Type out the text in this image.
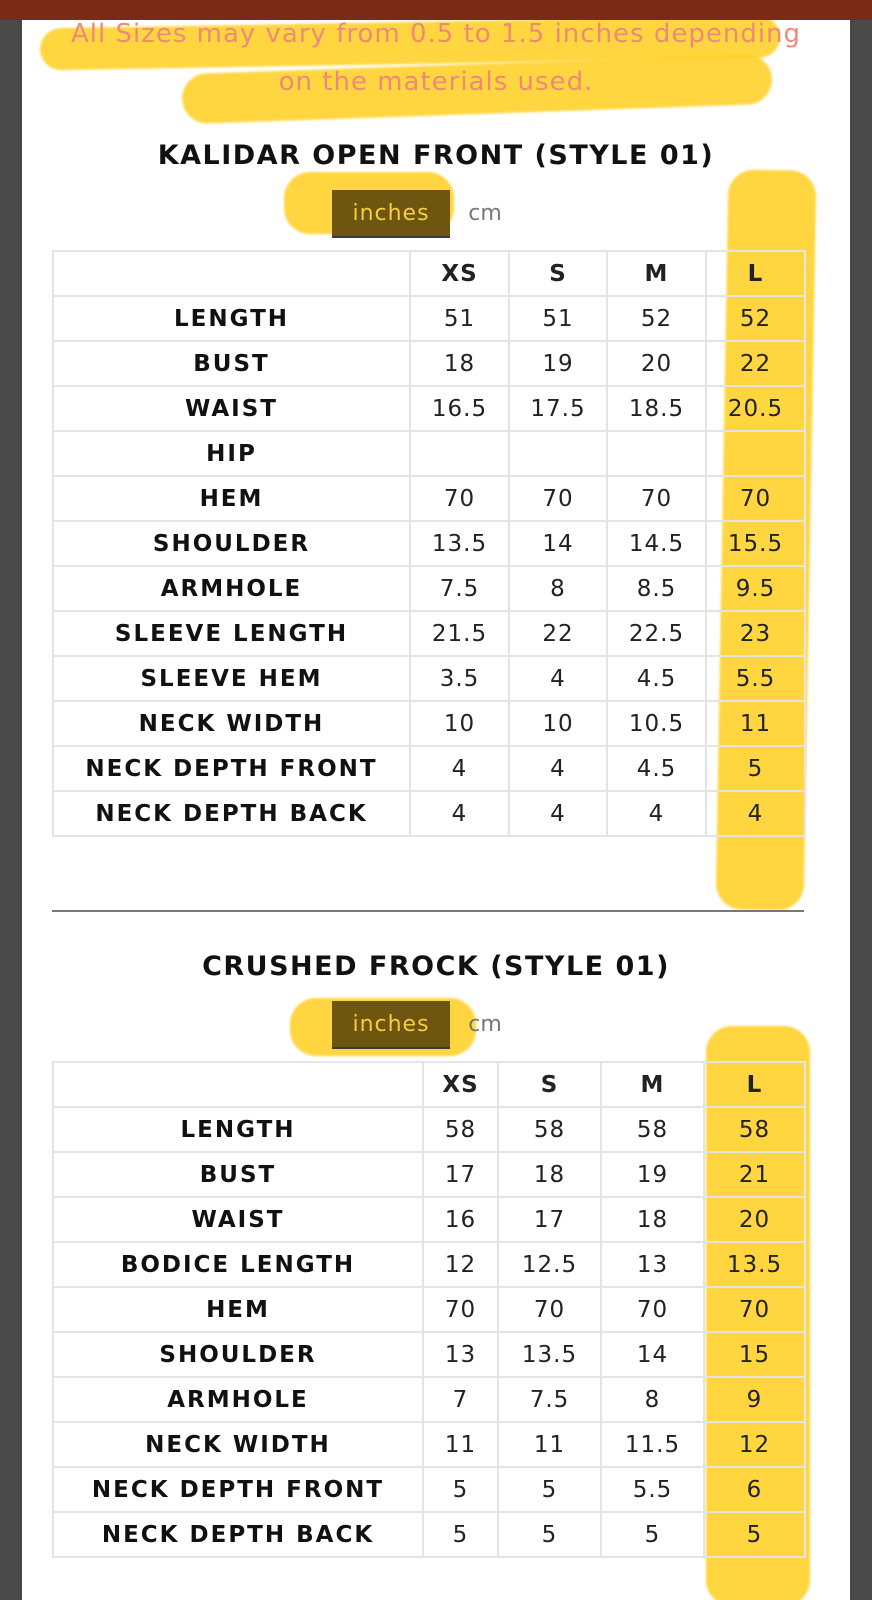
All Sizes may vary from 0.5 to 1.5 inches depending
on the materials used.
KALIDAR OPEN FRONT (STYLE 01)
inches	cm
	XS	S	M	L
LENGTH	51	51	52	52
BUST	18	19	20	22
WAIST	16.5	17.5	18.5	20.5
HIP				
HEM	70	70	70	70
SHOULDER	13.5	14	14.5	15.5
ARMHOLE	7.5	8	8.5	9.5
SLEEVE LENGTH	21.5	22	22.5	23
SLEEVE HEM	3.5	4	4.5	5.5
NECK WIDTH	10	10	10.5	11
NECK DEPTH FRONT	4	4	4.5	5
NECK DEPTH BACK	4	4	4	4
CRUSHED FROCK (STYLE 01)
inches	cm
	XS	S	M	L
LENGTH	58	58	58	58
BUST	17	18	19	21
WAIST	16	17	18	20
BODICE LENGTH	12	12.5	13	13.5
HEM	70	70	70	70
SHOULDER	13	13.5	14	15
ARMHOLE	7	7.5	8	9
NECK WIDTH	11	11	11.5	12
NECK DEPTH FRONT	5	5	5.5	6
NECK DEPTH BACK	5	5	5	5
